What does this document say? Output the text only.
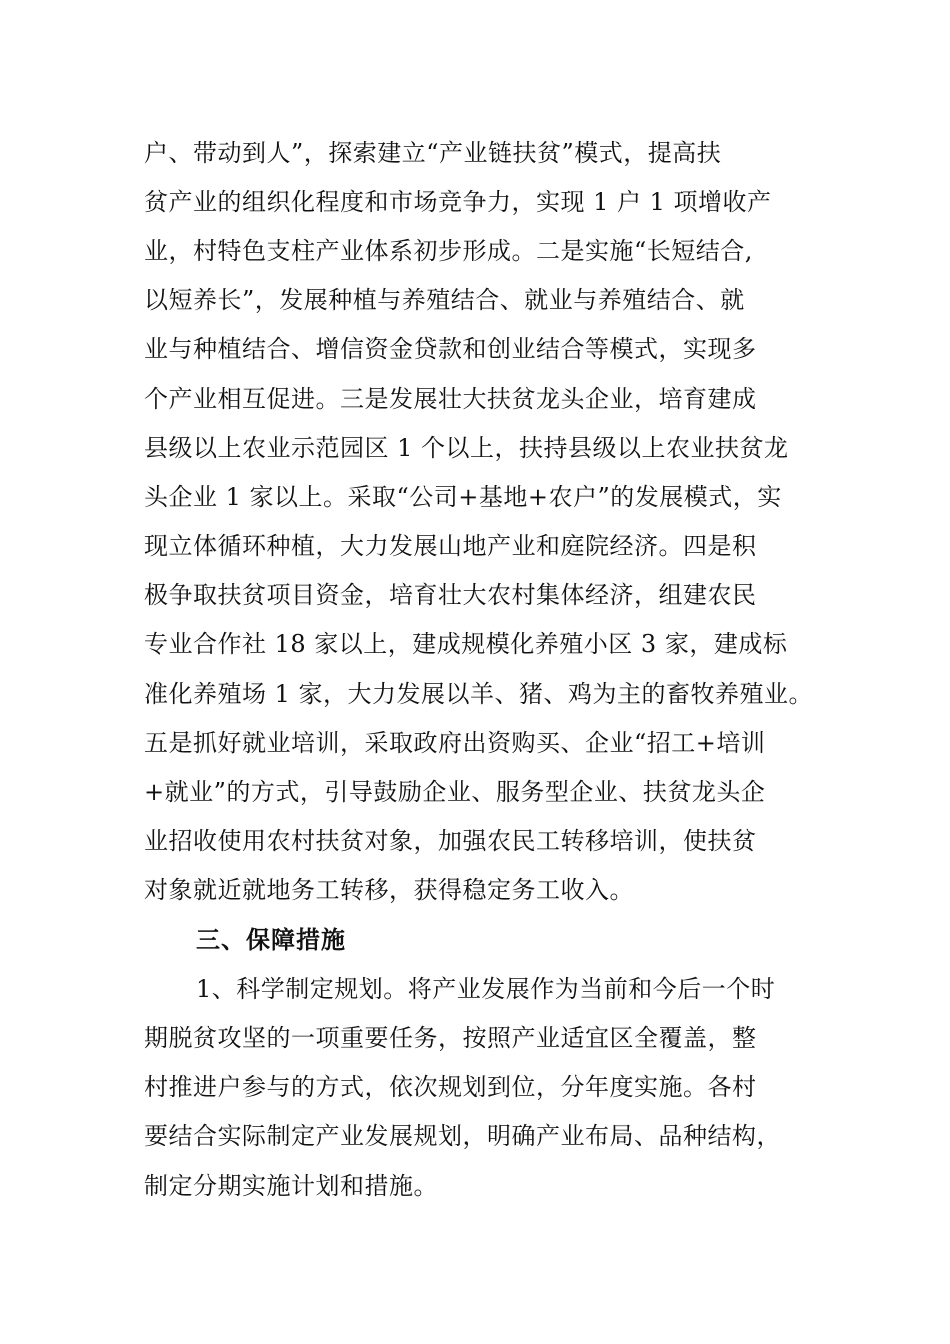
户、带动到人”，探索建立“产业链扶贫”模式，提高扶
贫产业的组织化程度和市场竞争力，实现 1 户 1 项增收产
业，村特色支柱产业体系初步形成。二是实施“长短结合,
以短养长”，发展种植与养殖结合、就业与养殖结合、就
业与种植结合、增信资金贷款和创业结合等模式，实现多
个产业相互促进。三是发展壮大扶贫龙头企业，培育建成
县级以上农业示范园区 1 个以上，扶持县级以上农业扶贫龙
头企业 1 家以上。采取“公司+基地+农户”的发展模式，实
现立体循环种植，大力发展山地产业和庭院经济。四是积
极争取扶贫项目资金，培育壮大农村集体经济，组建农民
专业合作社 18 家以上，建成规模化养殖小区 3 家，建成标
准化养殖场 1 家，大力发展以羊、猪、鸡为主的畜牧养殖业。
五是抓好就业培训，采取政府出资购买、企业“招工+培训
+就业”的方式，引导鼓励企业、服务型企业、扶贫龙头企
业招收使用农村扶贫对象，加强农民工转移培训，使扶贫
对象就近就地务工转移，获得稳定务工收入。
三、保障措施
1、科学制定规划。将产业发展作为当前和今后一个时
期脱贫攻坚的一项重要任务，按照产业适宜区全覆盖，整
村推进户参与的方式，依次规划到位，分年度实施。各村
要结合实际制定产业发展规划，明确产业布局、品种结构，
制定分期实施计划和措施。
